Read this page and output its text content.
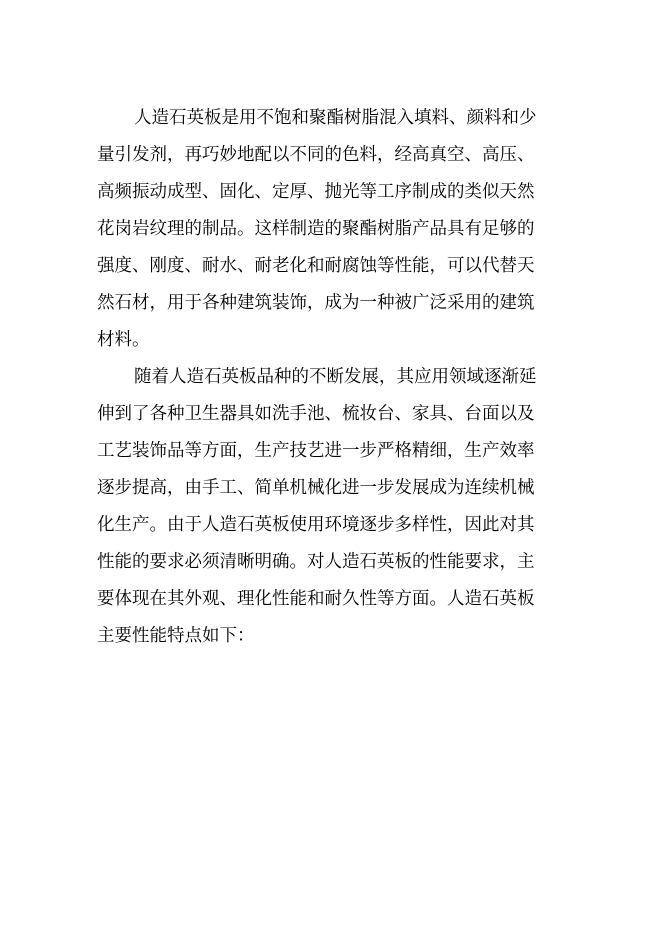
人造石英板是用不饱和聚酯树脂混入填料、颜料和少
量引发剂，再巧妙地配以不同的色料，经高真空、高压、
高频振动成型、固化、定厚、抛光等工序制成的类似天然
花岗岩纹理的制品。这样制造的聚酯树脂产品具有足够的
强度、刚度、耐水、耐老化和耐腐蚀等性能，可以代替天
然石材，用于各种建筑装饰，成为一种被广泛采用的建筑
材料。
随着人造石英板品种的不断发展，其应用领域逐渐延
伸到了各种卫生器具如洗手池、梳妆台、家具、台面以及
工艺装饰品等方面，生产技艺进一步严格精细，生产效率
逐步提高，由手工、简单机械化进一步发展成为连续机械
化生产。由于人造石英板使用环境逐步多样性，因此对其
性能的要求必须清晰明确。对人造石英板的性能要求，主
要体现在其外观、理化性能和耐久性等方面。人造石英板
主要性能特点如下：
